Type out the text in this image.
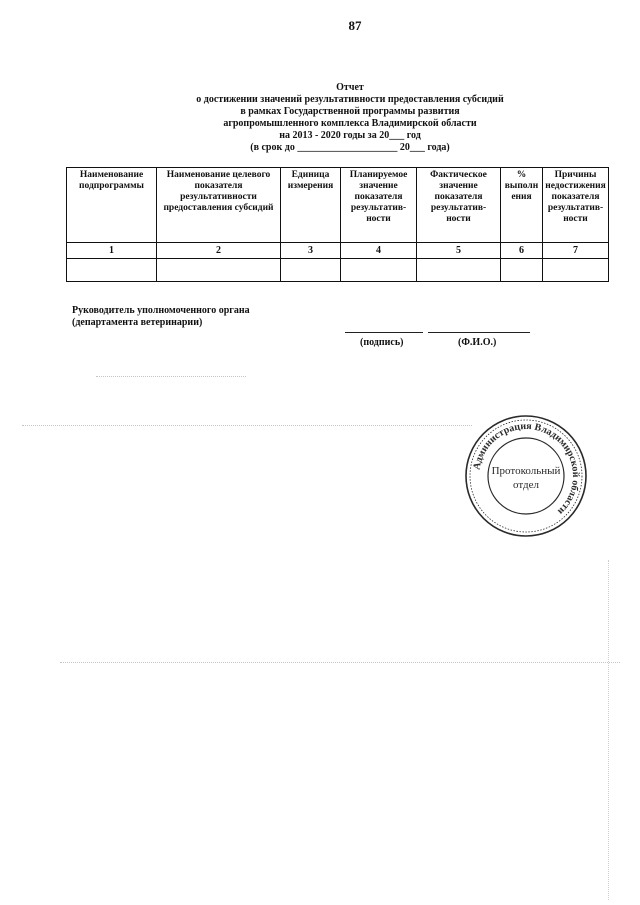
87
Отчет
о достижении значений результативности предоставления субсидий
в рамках Государственной программы развития
агропромышленного комплекса Владимирской области
на 2013 - 2020 годы за 20___ год
(в срок до ____________________ 20___ года)
Наименование подпрограммы	Наименование целевого показателя результативности предоставления субсидий	Единица измерения	Планируемое значение показателя результатив-ности	Фактическое значение показателя результатив-ности	% выполн ения	Причины недостижения показателя результатив-ности
1	2	3	4	5	6	7

Руководитель уполномоченного органа
(департамента ветеринарии)
(подпись)	(Ф.И.О.)
Администрация Владимирской области
Протокольный
отдел
